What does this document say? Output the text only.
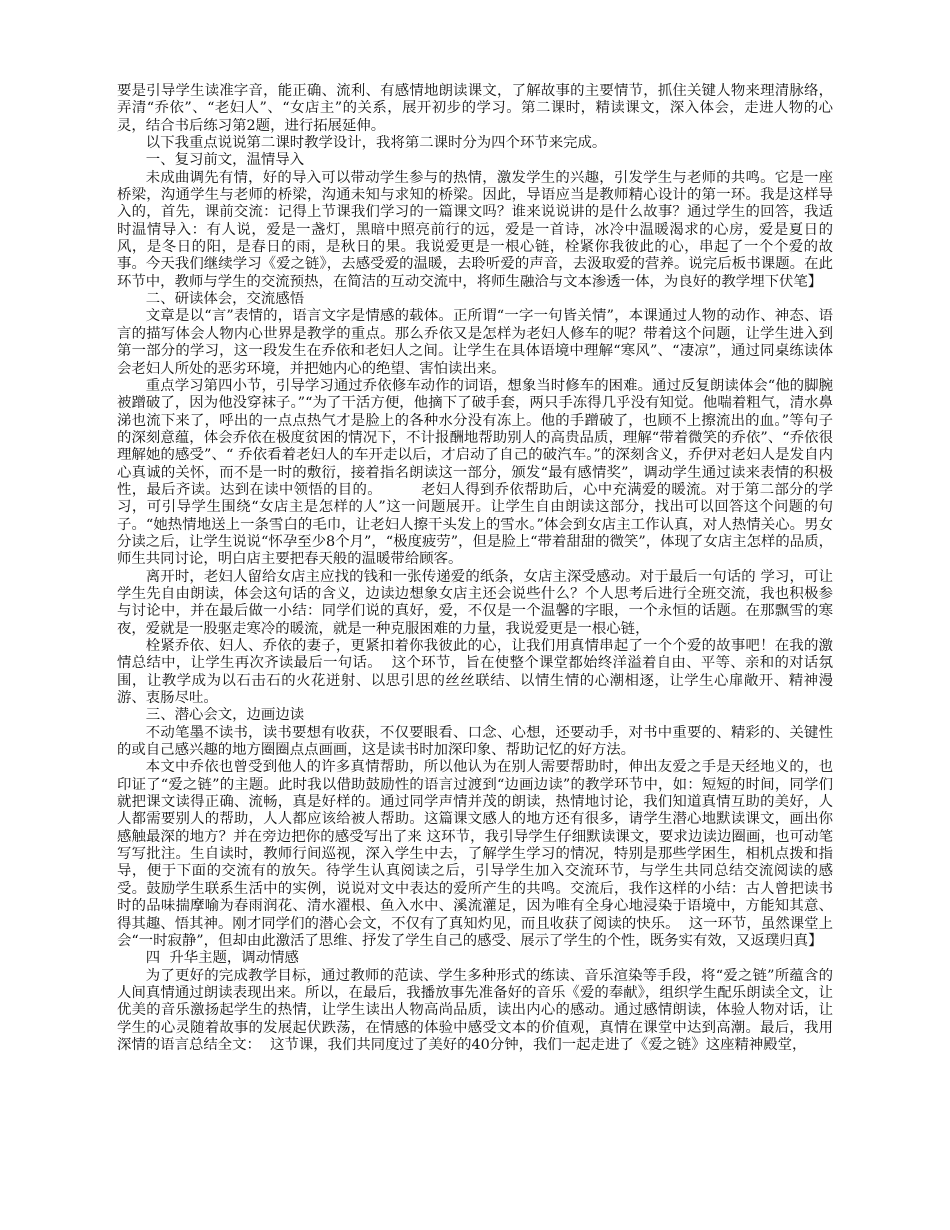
要是引导学生读准字音，能正确、流利、有感情地朗读课文，了解故事的主要情节，抓住关键人物来理清脉络，弄清“乔依”、“老妇人”、“女店主”的关系，展开初步的学习。第二课时，精读课文，深入体会，走进人物的心灵，结合书后练习第2题，进行拓展延伸。

以下我重点说说第二课时教学设计，我将第二课时分为四个环节来完成。

一、复习前文，温情导入

未成曲调先有情，好的导入可以带动学生参与的热情，激发学生的兴趣，引发学生与老师的共鸣。它是一座桥梁，沟通学生与老师的桥梁，沟通未知与求知的桥梁。因此，导语应当是教师精心设计的第一环。我是这样导入的，首先，课前交流：记得上节课我们学习的一篇课文吗？谁来说说讲的是什么故事？通过学生的回答，我适时温情导入：有人说，爱是一盏灯，黑暗中照亮前行的远，爱是一首诗，冰冷中温暖渴求的心房，爱是夏日的风，是冬日的阳，是春日的雨，是秋日的果。我说爱更是一根心链，栓紧你我彼此的心，串起了一个个爱的故事。今天我们继续学习《爱之链》，去感受爱的温暖，去聆听爱的声音，去汲取爱的营养。说完后板书课题。在此环节中，教师与学生的交流预热，在简洁的互动交流中，将师生融洽与文本渗透一体，为良好的教学埋下伏笔】

二、研读体会，交流感悟

文章是以“言”表情的，语言文字是情感的载体。正所谓“一字一句皆关情”，本课通过人物的动作、神态、语言的描写体会人物内心世界是教学的重点。那么乔依又是怎样为老妇人修车的呢？带着这个问题，让学生进入到第一部分的学习，这一段发生在乔依和老妇人之间。让学生在具体语境中理解“寒风”、“凄凉”，通过同桌练读体会老妇人所处的恶劣环境，并把她内心的绝望、害怕读出来。

重点学习第四小节，引导学习通过乔依修车动作的词语，想象当时修车的困难。通过反复朗读体会“他的脚腕被蹭破了，因为他没穿袜子。”“为了干活方便，他摘下了破手套，两只手冻得几乎没有知觉。他喘着粗气，清水鼻涕也流下来了，呼出的一点点热气才是脸上的各种水分没有冻上。他的手蹭破了，也顾不上擦流出的血。”等句子的深刻意蕴，体会乔依在极度贫困的情况下，不计报酬地帮助别人的高贵品质，理解“带着微笑的乔依”、“乔依很理解她的感受”、“ 乔依看着老妇人的车开走以后，才启动了自己的破汽车。”的深刻含义，乔伊对老妇人是发自内心真诚的关怀，而不是一时的敷衍，接着指名朗读这一部分，颁发“最有感情奖”，调动学生通过读来表情的积极性，最后齐读。达到在读中领悟的目的。        老妇人得到乔依帮助后，心中充满爱的暖流。对于第二部分的学习，可引导学生围绕“女店主是怎样的人”这一问题展开。让学生自由朗读这部分，找出可以回答这个问题的句子。“她热情地送上一条雪白的毛巾，让老妇人擦干头发上的雪水。”体会到女店主工作认真，对人热情关心。男女分读之后，让学生说说“怀孕至少8个月”，“极度疲劳”，但是脸上“带着甜甜的微笑”，体现了女店主怎样的品质，师生共同讨论，明白店主要把春天般的温暖带给顾客。

离开时，老妇人留给女店主应找的钱和一张传递爱的纸条，女店主深受感动。对于最后一句话的 学习，可让学生先自由朗读，体会这句话的含义，边读边想象女店主还会说些什么？个人思考后进行全班交流，我也积极参与讨论中，并在最后做一小结：同学们说的真好，爱，不仅是一个温馨的字眼，一个永恒的话题。在那飘雪的寒夜，爱就是一股驱走寒冷的暖流，就是一种克服困难的力量，我说爱更是一根心链，

栓紧乔依、妇人、乔依的妻子，更紧扣着你我彼此的心，让我们用真情串起了一个个爱的故事吧！在我的激情总结中，让学生再次齐读最后一句话。  这个环节，旨在使整个课堂都始终洋溢着自由、平等、亲和的对话氛围，让教学成为以石击石的火花迸射、以思引思的丝丝联结、以情生情的心潮相逐，让学生心扉敞开、精神漫游、衷肠尽吐。

三、潜心会文，边画边读

不动笔墨不读书，读书要想有收获，不仅要眼看、口念、心想，还要动手，对书中重要的、精彩的、关键性的或自己感兴趣的地方圈圈点点画画，这是读书时加深印象、帮助记忆的好方法。

本文中乔依也曾受到他人的许多真情帮助，所以他认为在别人需要帮助时，伸出友爱之手是天经地义的，也印证了“爱之链”的主题。此时我以借助鼓励性的语言过渡到“边画边读”的教学环节中，如：短短的时间，同学们就把课文读得正确、流畅，真是好样的。通过同学声情并茂的朗读，热情地讨论，我们知道真情互助的美好，人人都需要别人的帮助，人人都应该给被人帮助。这篇课文感人的地方还有很多，请学生潜心地默读课文，画出你感触最深的地方？并在旁边把你的感受写出了来 这环节，我引导学生仔细默读课文，要求边读边圈画，也可动笔写写批注。生自读时，教师行间巡视，深入学生中去，了解学生学习的情况，特别是那些学困生，相机点拨和指导，便于下面的交流有的放矢。待学生认真阅读之后，引导学生加入交流环节，与学生共同总结交流阅读的感受。鼓励学生联系生活中的实例，说说对文中表达的爱所产生的共鸣。交流后，我作这样的小结：古人曾把读书时的品味揣摩喻为春雨润花、清水濯根、鱼入水中、溪流灌足，因为唯有全身心地浸染于语境中，方能知其意、得其趣、悟其神。刚才同学们的潜心会文，不仅有了真知灼见，而且收获了阅读的快乐。  这一环节，虽然课堂上会“一时寂静”，但却由此激活了思维、抒发了学生自己的感受、展示了学生的个性，既务实有效，又返璞归真】

四  升华主题，调动情感

为了更好的完成教学目标，通过教师的范读、学生多种形式的练读、音乐渲染等手段，将“爱之链”所蕴含的人间真情通过朗读表现出来。所以，在最后，我播放事先准备好的音乐《爱的奉献》，组织学生配乐朗读全文，让优美的音乐激扬起学生的热情，让学生读出人物高尚品质，读出内心的感动。通过感情朗读，体验人物对话，让学生的心灵随着故事的发展起伏跌荡，在情感的体验中感受文本的价值观，真情在课堂中达到高潮。最后，我用深情的语言总结全文：  这节课，我们共同度过了美好的40分钟，我们一起走进了《爱之链》这座精神殿堂，
